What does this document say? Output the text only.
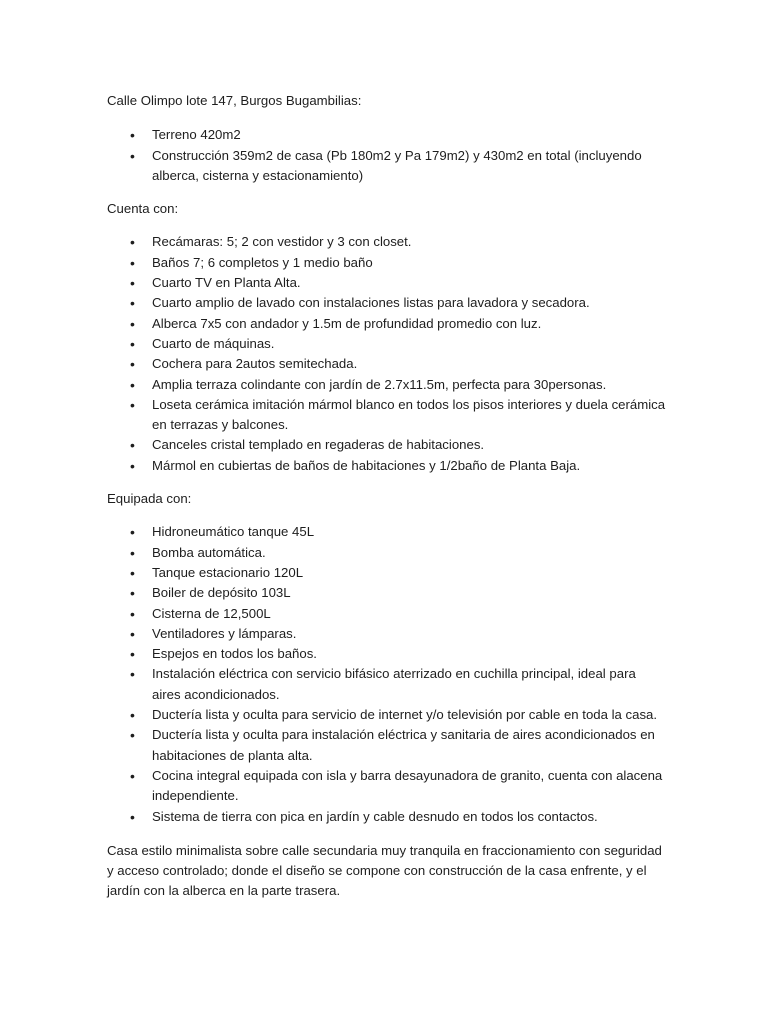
Calle Olimpo lote 147, Burgos Bugambilias:

• Terreno 420m2
• Construcción 359m2 de casa (Pb 180m2 y Pa 179m2) y 430m2 en total (incluyendo alberca, cisterna y estacionamiento)

Cuenta con:

• Recámaras: 5; 2 con vestidor y 3 con closet.
• Baños 7; 6 completos y 1 medio baño
• Cuarto TV en Planta Alta.
• Cuarto amplio de lavado con instalaciones listas para lavadora y secadora.
• Alberca 7x5 con andador y 1.5m de profundidad promedio con luz.
• Cuarto de máquinas.
• Cochera para 2autos semitechada.
• Amplia terraza colindante con jardín de 2.7x11.5m, perfecta para 30personas.
• Loseta cerámica imitación mármol blanco en todos los pisos interiores y duela cerámica en terrazas y balcones.
• Canceles cristal templado en regaderas de habitaciones.
• Mármol en cubiertas de baños de habitaciones y 1/2baño de Planta Baja.

Equipada con:

• Hidroneumático tanque 45L
• Bomba automática.
• Tanque estacionario 120L
• Boiler de depósito 103L
• Cisterna de 12,500L
• Ventiladores y lámparas.
• Espejos en todos los baños.
• Instalación eléctrica con servicio bifásico aterrizado en cuchilla principal, ideal para aires acondicionados.
• Ductería lista y oculta para servicio de internet y/o televisión por cable en toda la casa.
• Ductería lista y oculta para instalación eléctrica y sanitaria de aires acondicionados en habitaciones de planta alta.
• Cocina integral equipada con isla y barra desayunadora de granito, cuenta con alacena independiente.
• Sistema de tierra con pica en jardín y cable desnudo en todos los contactos.

Casa estilo minimalista sobre calle secundaria muy tranquila en fraccionamiento con seguridad y acceso controlado; donde el diseño se compone con construcción de la casa enfrente, y el jardín con la alberca en la parte trasera.
